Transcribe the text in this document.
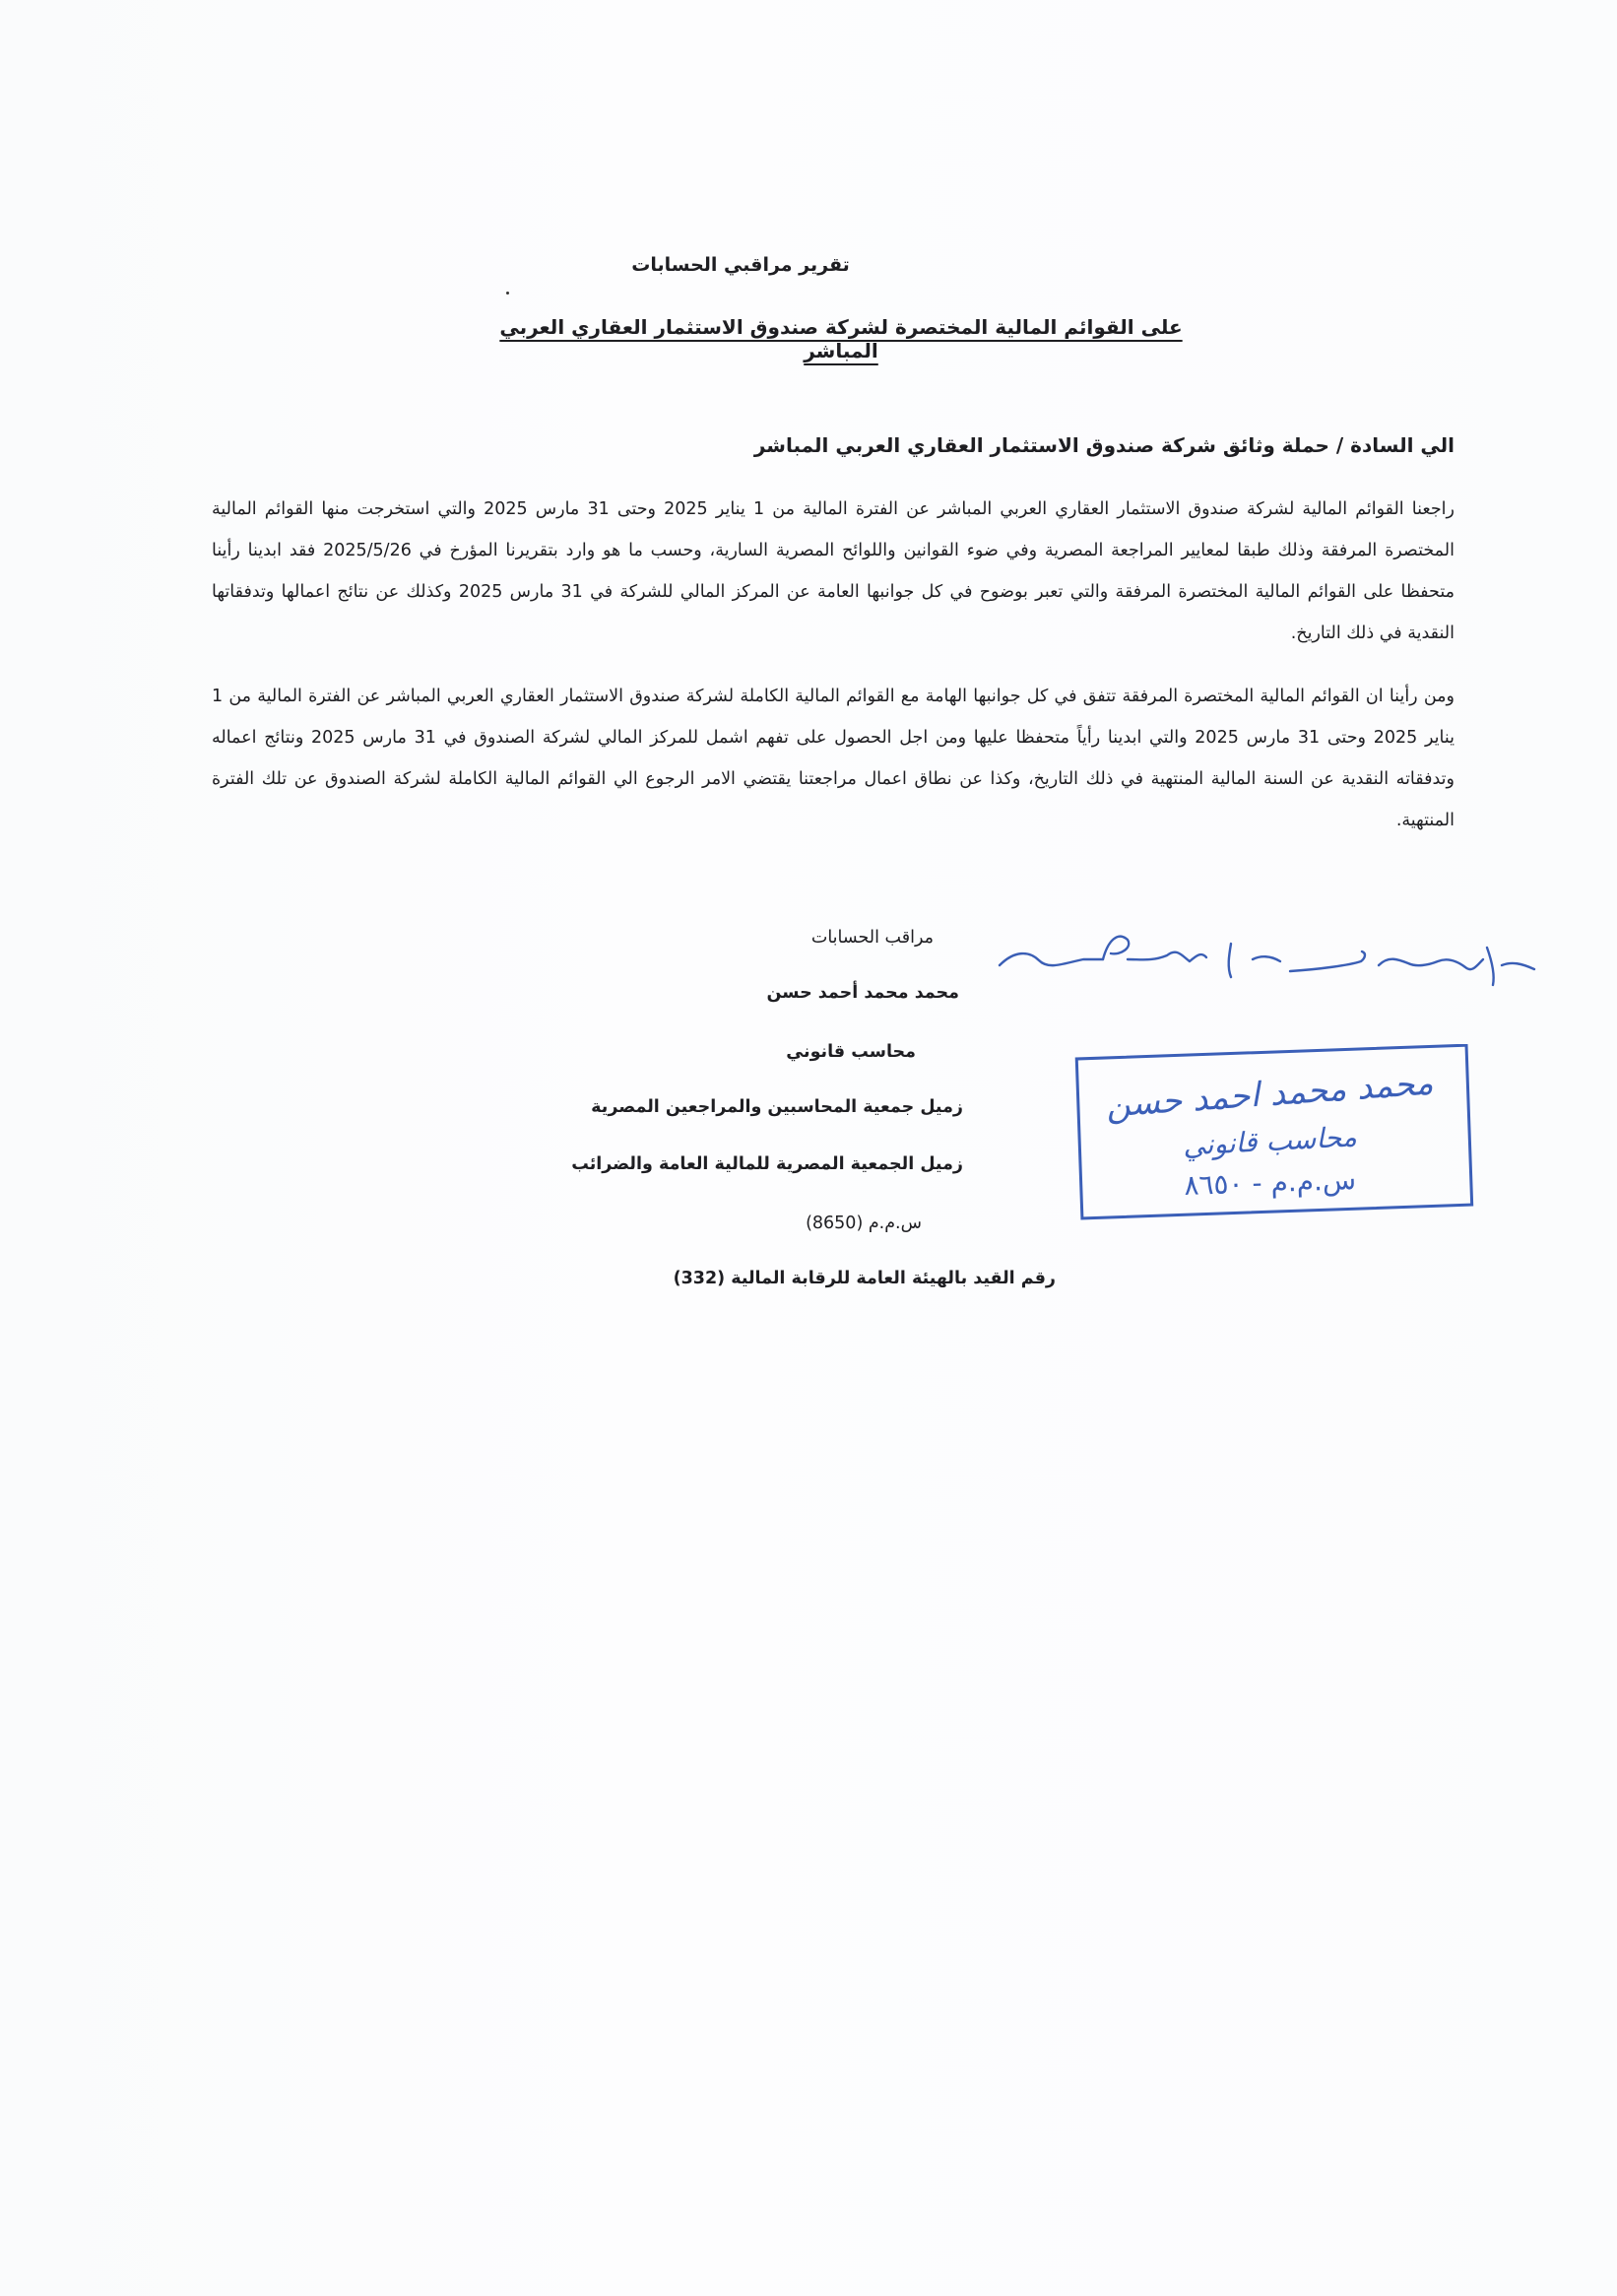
تقرير مراقبي الحسابات
على القوائم المالية المختصرة لشركة صندوق الاستثمار العقاري العربي المباشر
الي السادة / حملة وثائق شركة صندوق الاستثمار العقاري العربي المباشر
راجعنا القوائم المالية لشركة صندوق الاستثمار العقاري العربي المباشر عن الفترة المالية من 1 يناير 2025 وحتى 31 مارس 2025 والتي استخرجت منها القوائم المالية المختصرة المرفقة وذلك طبقا لمعايير المراجعة المصرية وفي ضوء القوانين واللوائح المصرية السارية، وحسب ما هو وارد بتقريرنا المؤرخ في 2025/5/26 فقد ابدينا رأينا متحفظا على القوائم المالية المختصرة المرفقة والتي تعبر بوضوح في كل جوانبها العامة عن المركز المالي للشركة في 31 مارس 2025 وكذلك عن نتائج اعمالها وتدفقاتها النقدية في ذلك التاريخ.
ومن رأينا ان القوائم المالية المختصرة المرفقة تتفق في كل جوانبها الهامة مع القوائم المالية الكاملة لشركة صندوق الاستثمار العقاري العربي المباشر عن الفترة المالية من 1 يناير 2025 وحتى 31 مارس 2025 والتي ابدينا رأياً متحفظا عليها ومن اجل الحصول على تفهم اشمل للمركز المالي لشركة الصندوق في 31 مارس 2025 ونتائج اعماله وتدفقاته النقدية عن السنة المالية المنتهية في ذلك التاريخ، وكذا عن نطاق اعمال مراجعتنا يقتضي الامر الرجوع الي القوائم المالية الكاملة لشركة الصندوق عن تلك الفترة المنتهية.
مراقب الحسابات
محمد محمد أحمد حسن
محاسب قانوني
زميل جمعية المحاسبين والمراجعين المصرية
زميل الجمعية المصرية للمالية العامة والضرائب
س.م.م (8650)
رقم القيد بالهيئة العامة للرقابة المالية (332)
محمد محمد احمد حسن
محاسب قانوني
س.م.م - ٨٦٥٠
